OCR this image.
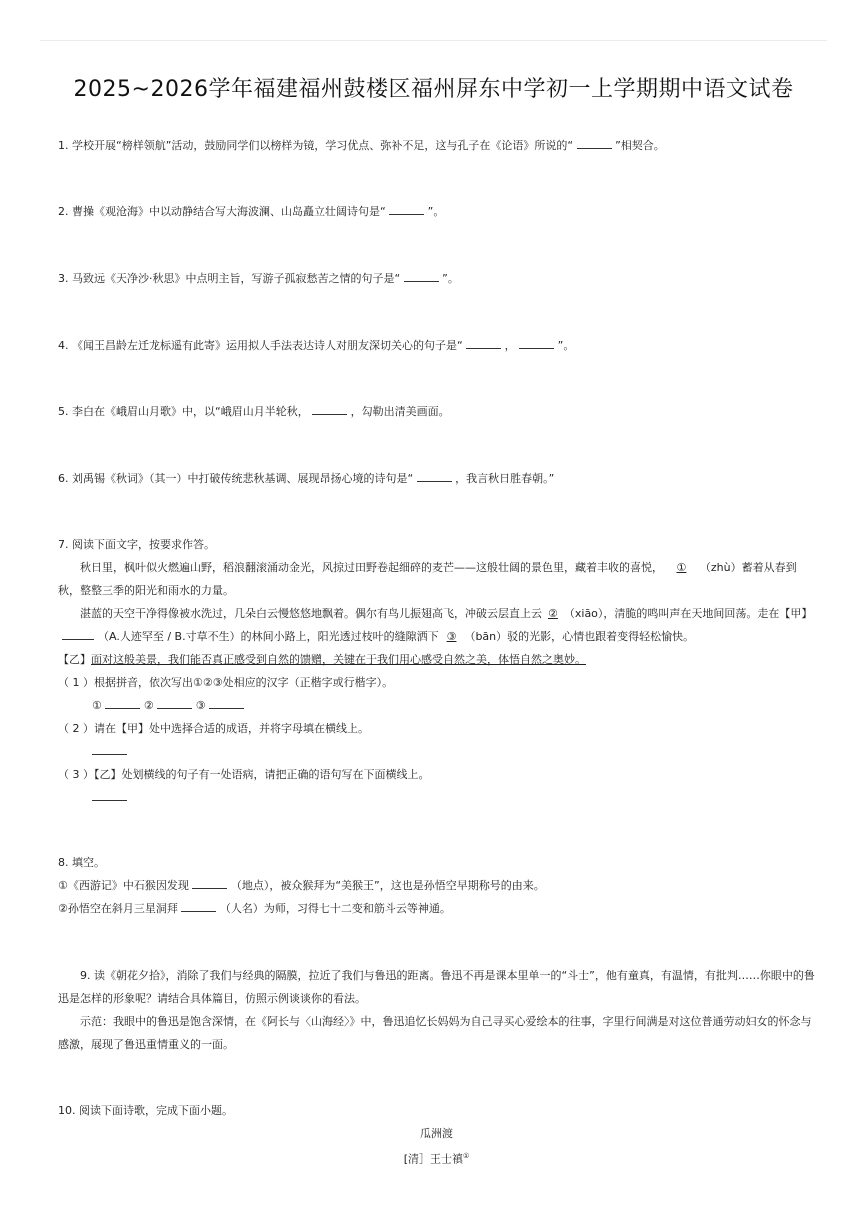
2025~2026学年福建福州鼓楼区福州屏东中学初一上学期期中语文试卷
1. 学校开展“榜样领航”活动，鼓励同学们以榜样为镜，学习优点、弥补不足，这与孔子在《论语》所说的“	”相契合。
2. 曹操《观沧海》中以动静结合写大海波澜、山岛矗立壮阔诗句是“	”。
3. 马致远《天净沙·秋思》中点明主旨，写游子孤寂愁苦之情的句子是“	”。
4. 《闻王昌龄左迁龙标遥有此寄》运用拟人手法表达诗人对朋友深切关心的句子是“	，	”。
5. 李白在《峨眉山月歌》中，以“峨眉山月半轮秋，	，勾勒出清美画面。
6. 刘禹锡《秋词》（其一）中打破传统悲秋基调、展现昂扬心境的诗句是“	，我言秋日胜春朝。”

7. 阅读下面文字，按要求作答。

秋日里，枫叶似火燃遍山野，稻浪翻滚涌动金光，风掠过田野卷起细碎的麦芒——这般壮阔的景色里，藏着丰收的喜悦， ① （zhù）蓄着从春到秋，整整三季的阳光和雨水的力量。

湛蓝的天空干净得像被水洗过，几朵白云慢悠悠地飘着。偶尔有鸟儿振翅高飞，冲破云层直上云 ② （xiāo），清脆的鸣叫声在天地间回荡。走在【甲】（A.人迹罕至 / B.寸草不生）的林间小路上，阳光透过枝叶的缝隙洒下 ③ （bān）驳的光影，心情也跟着变得轻松愉快。

【乙】面对这般美景，我们能否真正感受到自然的馈赠，关键在于我们用心感受自然之美，体悟自然之奥妙。

（ 1 ）根据拼音，依次写出①②③处相应的汉字（正楷字或行楷字）。

①	②	③

（ 2 ）请在【甲】处中选择合适的成语，并将字母填在横线上。

（ 3 ）【乙】处划横线的句子有一处语病，请把正确的语句写在下面横线上。

8. 填空。

①《西游记》中石猴因发现	（地点），被众猴拜为“美猴王”，这也是孙悟空早期称号的由来。

②孙悟空在斜月三星洞拜	（人名）为师，习得七十二变和筋斗云等神通。

9. 读《朝花夕拾》，消除了我们与经典的隔膜，拉近了我们与鲁迅的距离。鲁迅不再是课本里单一的“斗士”，他有童真，有温情，有批判……你眼中的鲁迅是怎样的形象呢？请结合具体篇目，仿照示例谈谈你的看法。

示范：我眼中的鲁迅是饱含深情，在《阿长与〈山海经〉》中，鲁迅追忆长妈妈为自己寻买心爱绘本的往事，字里行间满是对这位普通劳动妇女的怀念与感激，展现了鲁迅重情重义的一面。

10. 阅读下面诗歌，完成下面小题。

瓜洲渡

[清］王士禛①
